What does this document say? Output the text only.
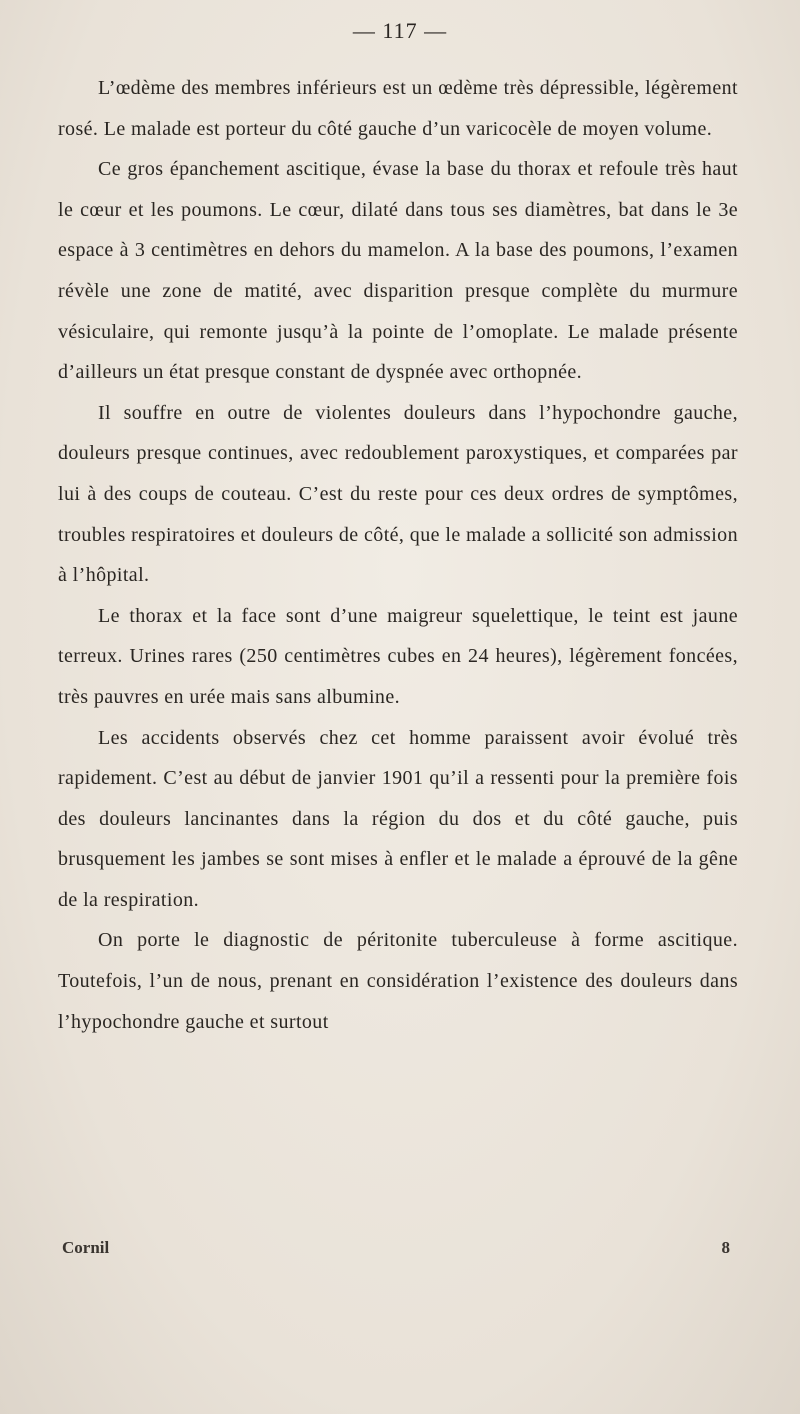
— 117 —

L’œdème des membres inférieurs est un œdème très dépressible, légèrement rosé. Le malade est porteur du côté gauche d’un varicocèle de moyen volume.

Ce gros épanchement ascitique, évase la base du thorax et refoule très haut le cœur et les poumons. Le cœur, dilaté dans tous ses diamètres, bat dans le 3e espace à 3 centimètres en dehors du mamelon. A la base des poumons, l’examen révèle une zone de matité, avec disparition presque complète du murmure vésiculaire, qui remonte jusqu’à la pointe de l’omoplate. Le malade présente d’ailleurs un état presque constant de dyspnée avec orthopnée.

Il souffre en outre de violentes douleurs dans l’hypochondre gauche, douleurs presque continues, avec redoublement paroxystiques, et comparées par lui à des coups de couteau. C’est du reste pour ces deux ordres de symptômes, troubles respiratoires et douleurs de côté, que le malade a sollicité son admission à l’hôpital.

Le thorax et la face sont d’une maigreur squelettique, le teint est jaune terreux. Urines rares (250 centimètres cubes en 24 heures), légèrement foncées, très pauvres en urée mais sans albumine.

Les accidents observés chez cet homme paraissent avoir évolué très rapidement. C’est au début de janvier 1901 qu’il a ressenti pour la première fois des douleurs lancinantes dans la région du dos et du côté gauche, puis brusquement les jambes se sont mises à enfler et le malade a éprouvé de la gêne de la respiration.

On porte le diagnostic de péritonite tuberculeuse à forme ascitique. Toutefois, l’un de nous, prenant en considération l’existence des douleurs dans l’hypochondre gauche et surtout

Cornil	8
